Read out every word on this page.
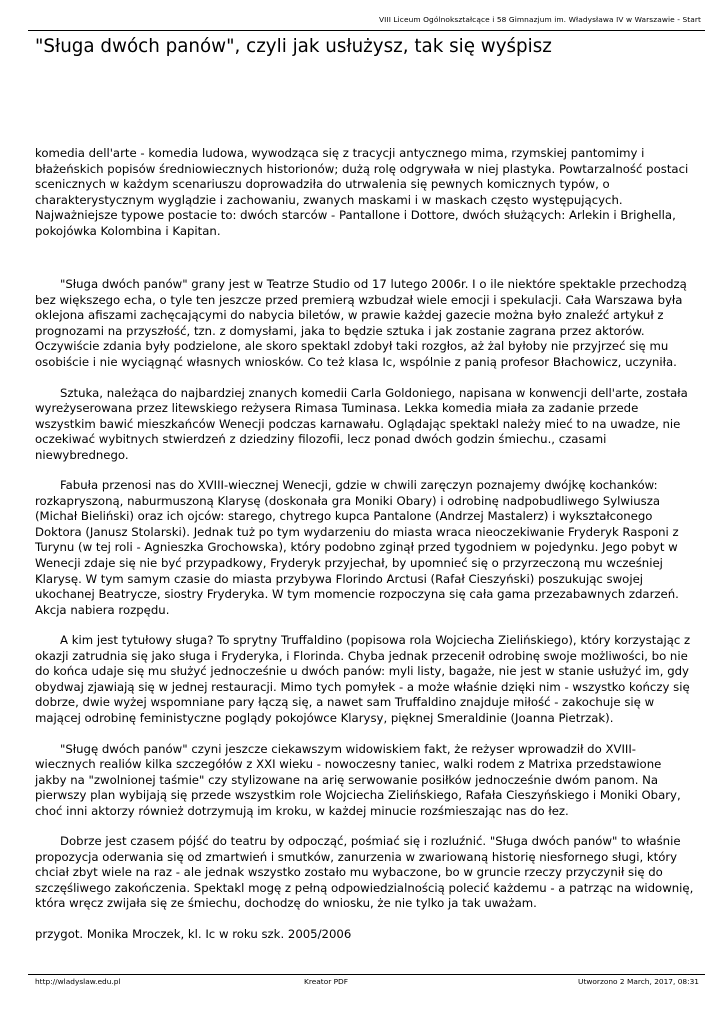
VIII Liceum Ogólnokształcące i 58 Gimnazjum im. Władysława IV w Warszawie - Start
"Sługa dwóch panów", czyli jak usłużysz, tak się wyśpisz

komedia dell'arte - komedia ludowa, wywodząca się z tracycji antycznego mima, rzymskiej pantomimy i błażeńskich popisów średniowiecznych historionów; dużą rolę odgrywała w niej plastyka. Powtarzalność postaci scenicznych w każdym scenariuszu doprowadziła do utrwalenia się pewnych komicznych typów, o charakterystycznym wyglądzie i zachowaniu, zwanych maskami i w maskach często występujących. Najważniejsze typowe postacie to: dwóch starców - Pantallone i Dottore, dwóch służących: Arlekin i Brighella, pokojówka Kolombina i Kapitan.

"Sługa dwóch panów" grany jest w Teatrze Studio od 17 lutego 2006r. I o ile niektóre spektakle przechodzą bez większego echa, o tyle ten jeszcze przed premierą wzbudzał wiele emocji i spekulacji. Cała Warszawa była oklejona afiszami zachęcającymi do nabycia biletów, w prawie każdej gazecie można było znaleźć artykuł z prognozami na przyszłość, tzn. z domysłami, jaka to będzie sztuka i jak zostanie zagrana przez aktorów. Oczywiście zdania były podzielone, ale skoro spektakl zdobył taki rozgłos, aż żal byłoby nie przyjrzeć się mu osobiście i nie wyciągnąć własnych wniosków. Co też klasa Ic, wspólnie z panią profesor Błachowicz, uczyniła.

Sztuka, należąca do najbardziej znanych komedii Carla Goldoniego, napisana w konwencji dell'arte, została wyreżyserowana przez litewskiego reżysera Rimasa Tuminasa. Lekka komedia miała za zadanie przede wszystkim bawić mieszkańców Wenecji podczas karnawału. Oglądając spektakl należy mieć to na uwadze, nie oczekiwać wybitnych stwierdzeń z dziedziny filozofii, lecz ponad dwóch godzin śmiechu., czasami niewybrednego.

Fabuła przenosi nas do XVIII-wiecznej Wenecji, gdzie w chwili zaręczyn poznajemy dwójkę kochanków: rozkapryszoną, naburmuszoną Klarysę (doskonała gra Moniki Obary) i odrobinę nadpobudliwego Sylwiusza (Michał Bieliński) oraz ich ojców: starego, chytrego kupca Pantalone (Andrzej Mastalerz) i wykształconego Doktora (Janusz Stolarski). Jednak tuż po tym wydarzeniu do miasta wraca nieoczekiwanie Fryderyk Rasponi z Turynu (w tej roli - Agnieszka Grochowska), który podobno zginął przed tygodniem w pojedynku. Jego pobyt w Wenecji zdaje się nie być przypadkowy, Fryderyk przyjechał, by upomnieć się o przyrzeczoną mu wcześniej Klarysę. W tym samym czasie do miasta przybywa Florindo Arctusi (Rafał Cieszyński) poszukując swojej ukochanej Beatrycze, siostry Fryderyka. W tym momencie rozpoczyna się cała gama przezabawnych zdarzeń. Akcja nabiera rozpędu.

A kim jest tytułowy sługa? To sprytny Truffaldino (popisowa rola Wojciecha Zielińskiego), który korzystając z okazji zatrudnia się jako sługa i Fryderyka, i Florinda. Chyba jednak przecenił odrobinę swoje możliwości, bo nie do końca udaje się mu służyć jednocześnie u dwóch panów: myli listy, bagaże, nie jest w stanie usłużyć im, gdy obydwaj zjawiają się w jednej restauracji. Mimo tych pomyłek - a może właśnie dzięki nim - wszystko kończy się dobrze, dwie wyżej wspomniane pary łączą się, a nawet sam Truffaldino znajduje miłość - zakochuje się w mającej odrobinę feministyczne poglądy pokojówce Klarysy, pięknej Smeraldinie (Joanna Pietrzak).

"Sługę dwóch panów" czyni jeszcze ciekawszym widowiskiem fakt, że reżyser wprowadził do XVIII-wiecznych realiów kilka szczegółów z XXI wieku - nowoczesny taniec, walki rodem z Matrixa przedstawione jakby na "zwolnionej taśmie" czy stylizowane na arię serwowanie posiłków jednocześnie dwóm panom. Na pierwszy plan wybijają się przede wszystkim role Wojciecha Zielińskiego, Rafała Cieszyńskiego i Moniki Obary, choć inni aktorzy również dotrzymują im kroku, w każdej minucie rozśmieszając nas do łez.

Dobrze jest czasem pójść do teatru by odpocząć, pośmiać się i rozluźnić. "Sługa dwóch panów" to właśnie propozycja oderwania się od zmartwień i smutków, zanurzenia w zwariowaną historię niesfornego sługi, który chciał zbyt wiele na raz - ale jednak wszystko zostało mu wybaczone, bo w gruncie rzeczy przyczynił się do szczęśliwego zakończenia. Spektakl mogę z pełną odpowiedzialnością polecić każdemu - a patrząc na widownię, która wręcz zwijała się ze śmiechu, dochodzę do wniosku, że nie tylko ja tak uważam.

przygot. Monika Mroczek, kl. Ic w roku szk. 2005/2006

http://wladyslaw.edu.pl	Kreator PDF	Utworzono 2 March, 2017, 08:31
